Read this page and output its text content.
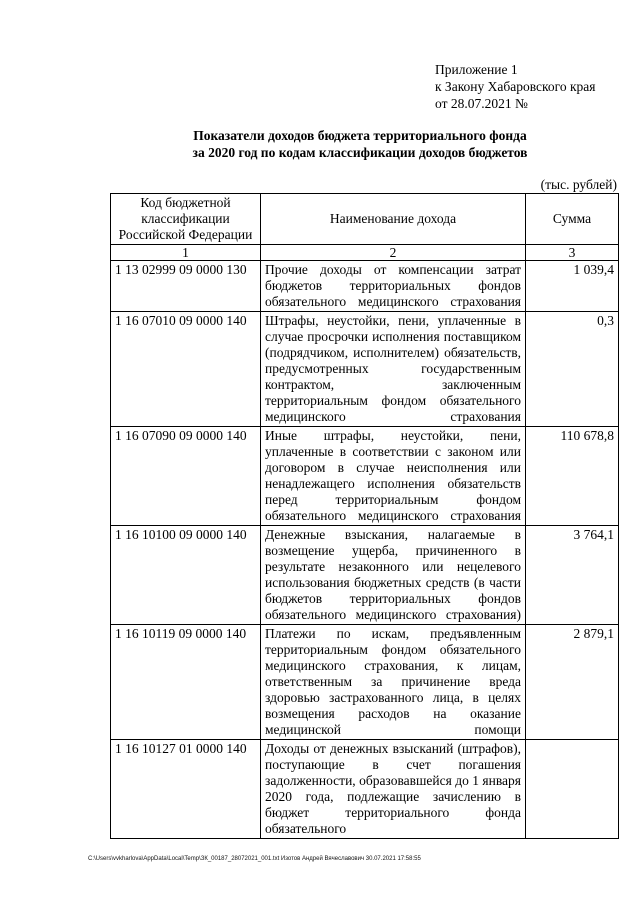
Приложение 1
к Закону Хабаровского края
от 28.07.2021 №
Показатели доходов бюджета территориального фонда
за 2020 год по кодам классификации доходов бюджетов
(тыс. рублей)
Код бюджетной классификации Российской Федерации	Наименование дохода	Сумма
1	2	3
1 13 02999 09 0000 130	Прочие доходы от компенсации затрат бюджетов территориальных фондов обязательного медицинского страхования	1 039,4
1 16 07010 09 0000 140	Штрафы, неустойки, пени, уплаченные в случае просрочки исполнения поставщиком (подрядчиком, исполнителем) обязательств, предусмотренных государственным контрактом, заключенным территориальным фондом обязательного медицинского страхования	0,3
1 16 07090 09 0000 140	Иные штрафы, неустойки, пени, уплаченные в соответствии с законом или договором в случае неисполнения или ненадлежащего исполнения обязательств перед территориальным фондом обязательного медицинского страхования	110 678,8
1 16 10100 09 0000 140	Денежные взыскания, налагаемые в возмещение ущерба, причиненного в результате незаконного или нецелевого использования бюджетных средств (в части бюджетов территориальных фондов обязательного медицинского страхования)	3 764,1
1 16 10119 09 0000 140	Платежи по искам, предъявленным территориальным фондом обязательного медицинского страхования, к лицам, ответственным за причинение вреда здоровью застрахованного лица, в целях возмещения расходов на оказание медицинской помощи	2 879,1
1 16 10127 01 0000 140	Доходы от денежных взысканий (штрафов), поступающие в счет погашения задолженности, образовавшейся до 1 января 2020 года, подлежащие зачислению в бюджет территориального фонда обязательного	
C:\Users\vvkharlova\AppData\Local\Temp\ЗК_00187_28072021_001.txt Изотов Андрей Вячеславович 30.07.2021 17:58:55
